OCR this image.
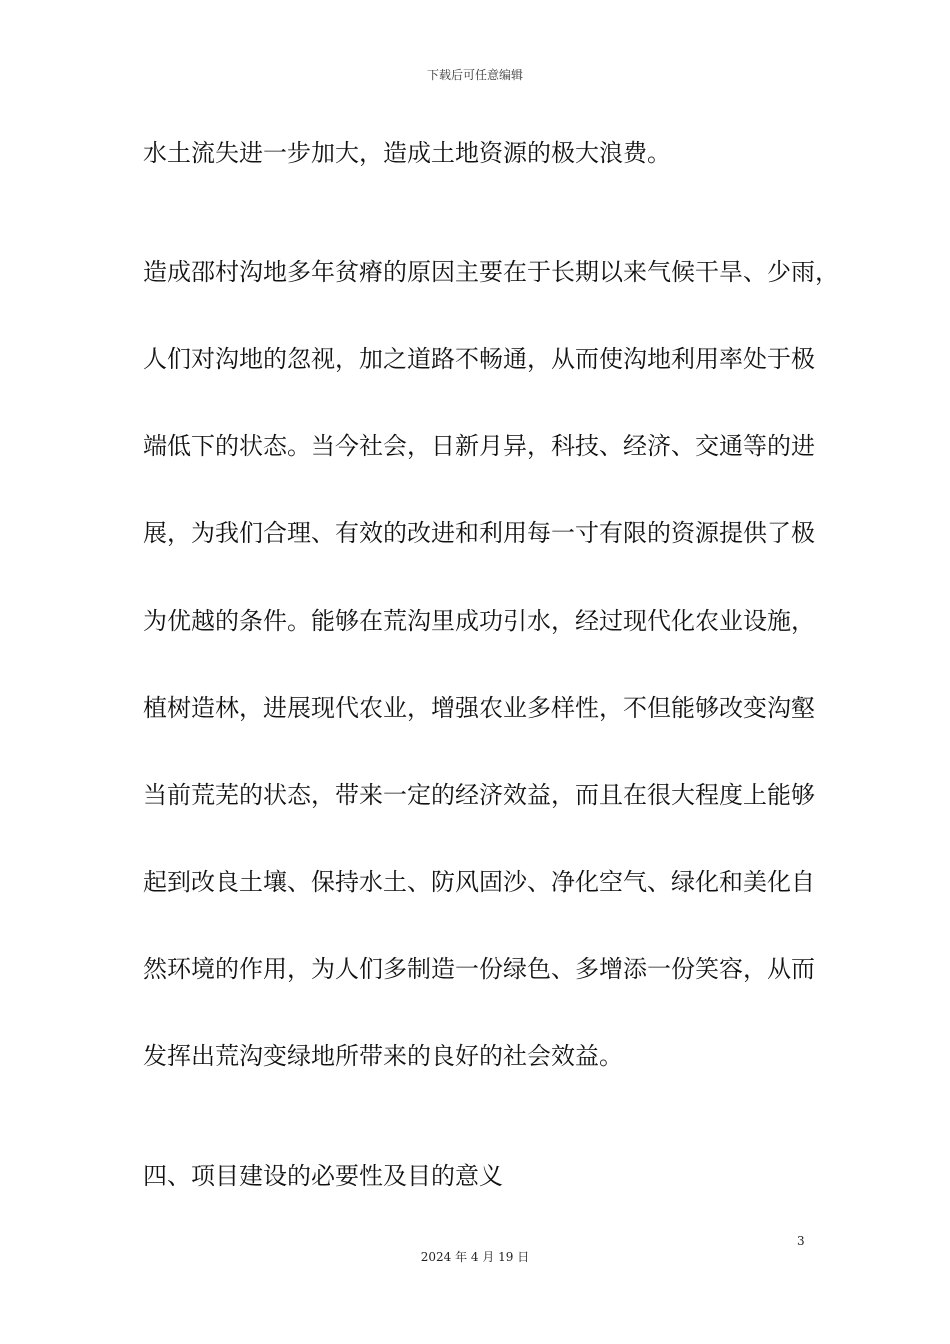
下载后可任意编辑
水土流失进一步加大，造成土地资源的极大浪费。
造成邵村沟地多年贫瘠的原因主要在于长期以来气候干旱、少雨，
人们对沟地的忽视，加之道路不畅通，从而使沟地利用率处于极
端低下的状态。当今社会，日新月异，科技、经济、交通等的进
展，为我们合理、有效的改进和利用每一寸有限的资源提供了极
为优越的条件。能够在荒沟里成功引水，经过现代化农业设施，
植树造林，进展现代农业，增强农业多样性，不但能够改变沟壑
当前荒芜的状态，带来一定的经济效益，而且在很大程度上能够
起到改良土壤、保持水土、防风固沙、净化空气、绿化和美化自
然环境的作用，为人们多制造一份绿色、多增添一份笑容，从而
发挥出荒沟变绿地所带来的良好的社会效益。
四、项目建设的必要性及目的意义
3
2024 年 4 月 19 日
